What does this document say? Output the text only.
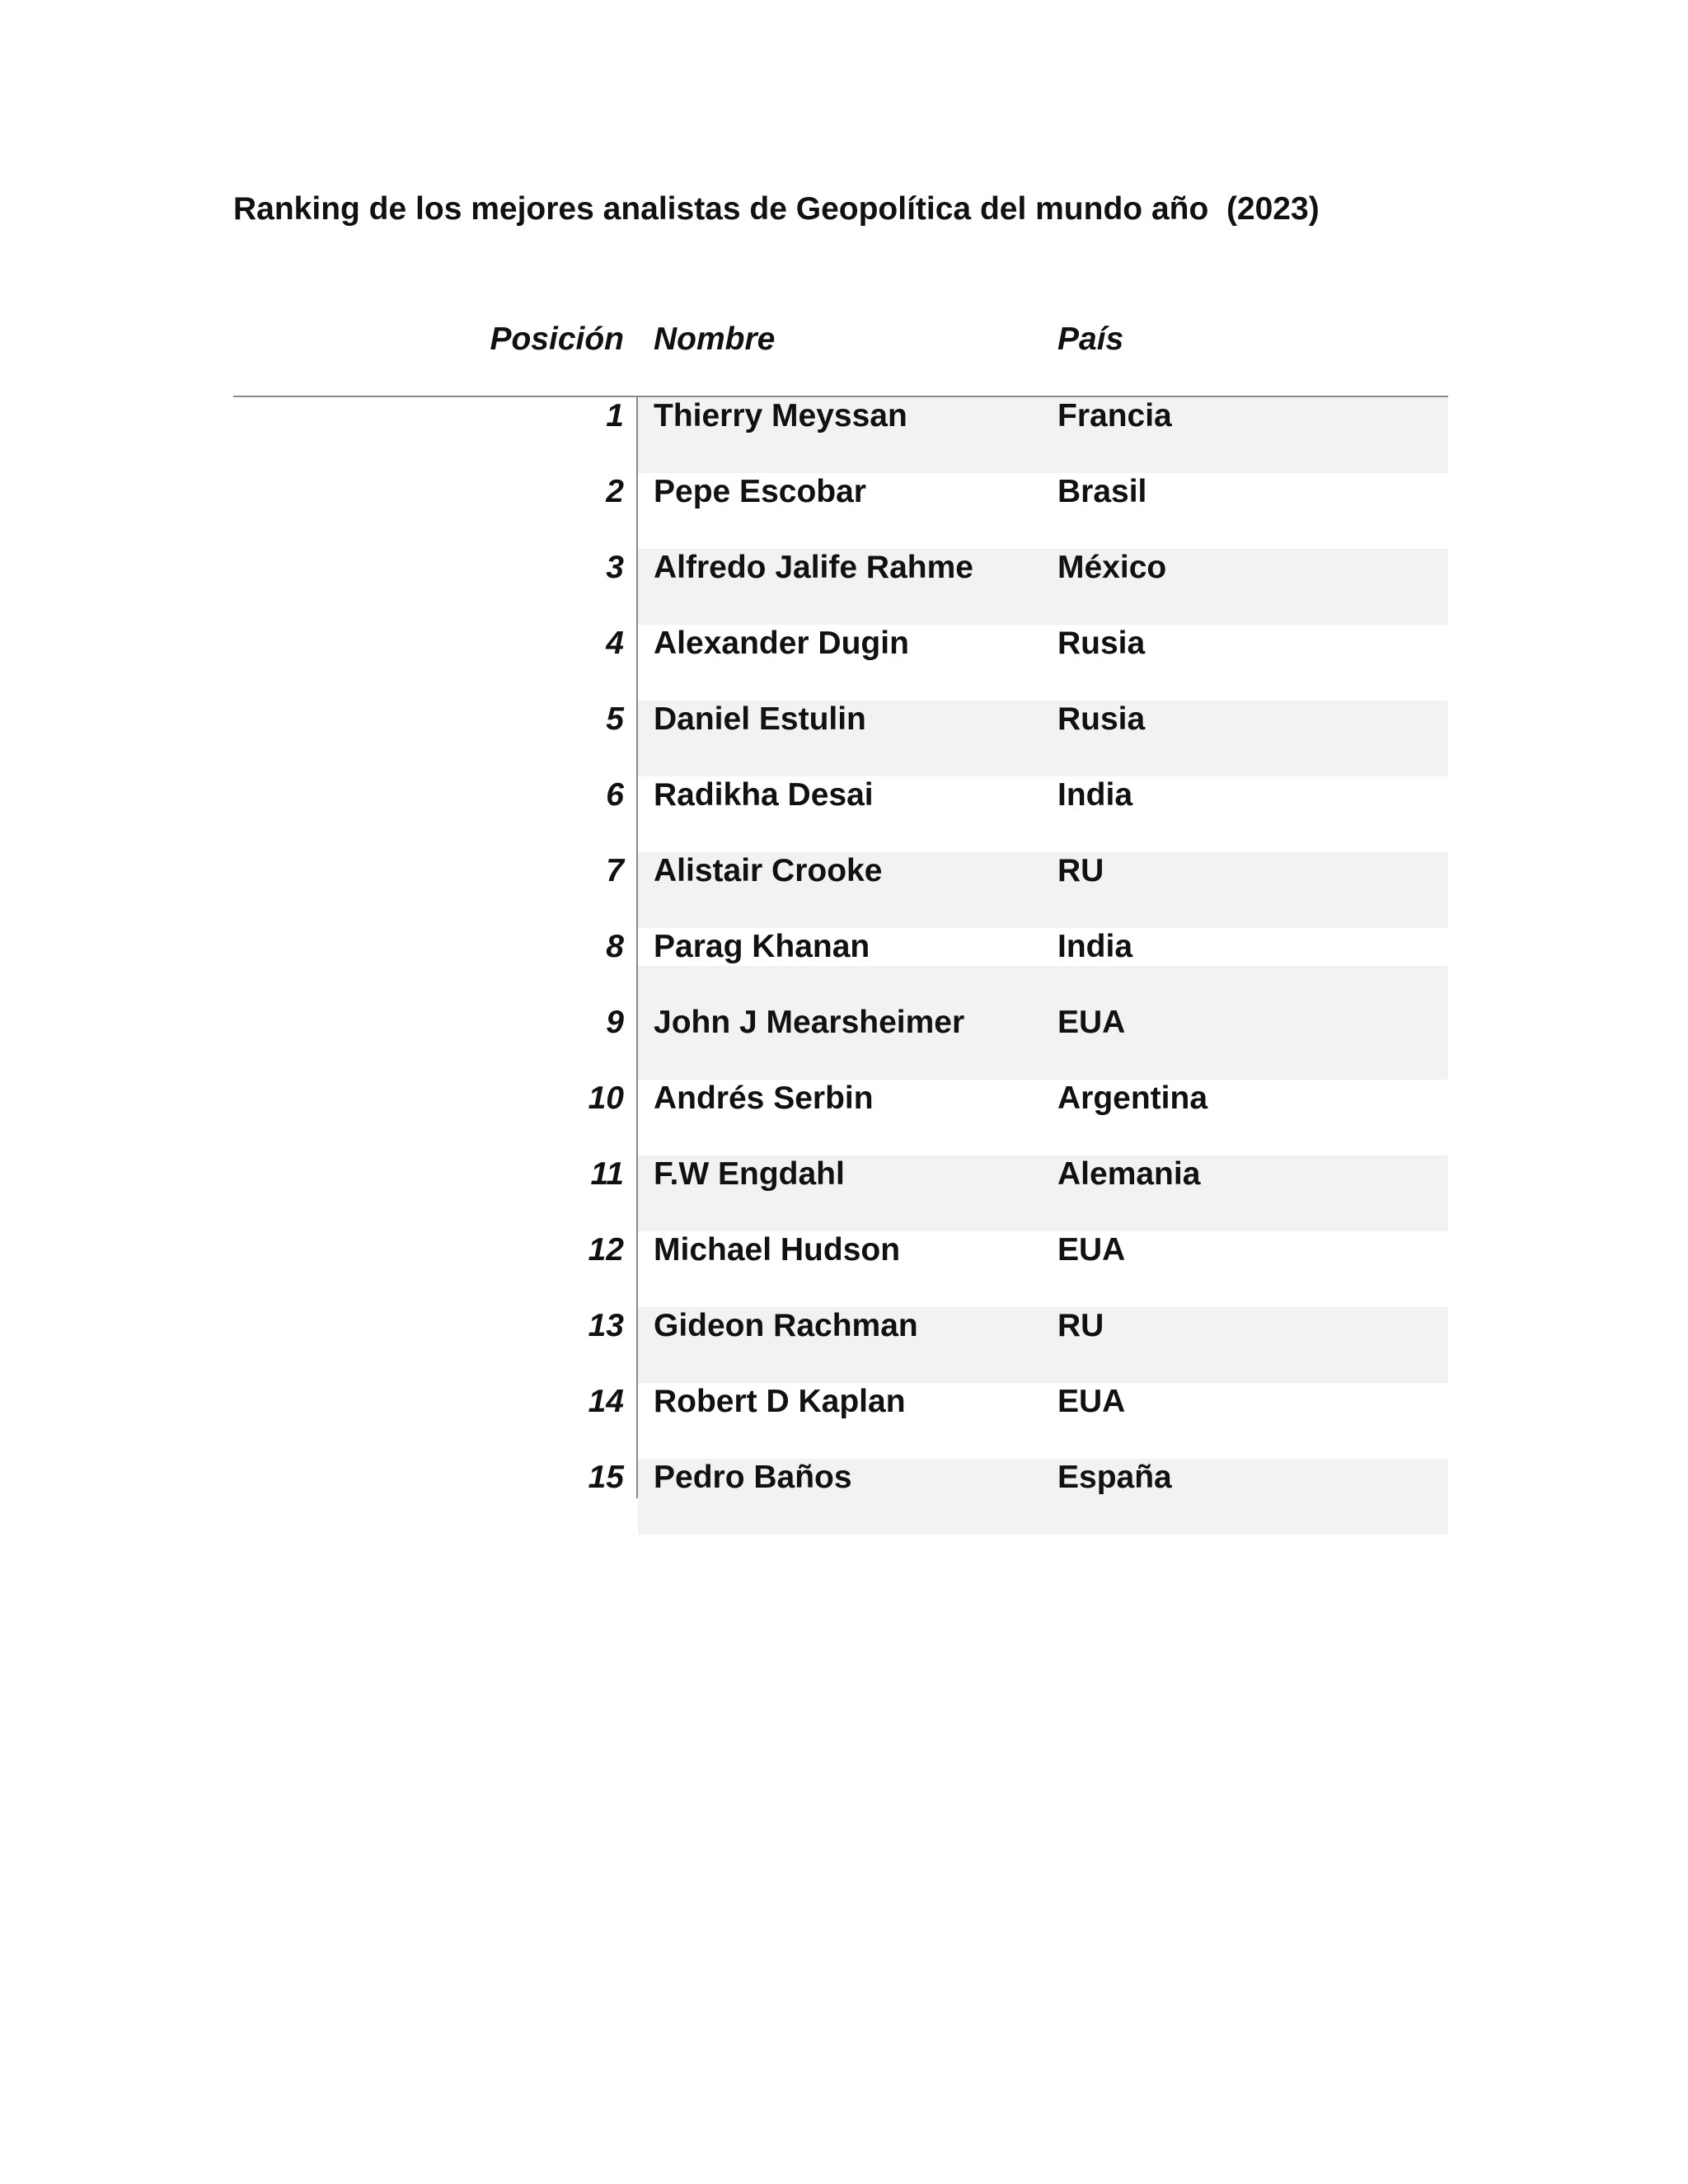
Ranking de los mejores analistas de Geopolítica del mundo año  (2023)
Posición Nombre	País
1 Thierry Meyssan	Francia
2 Pepe Escobar	Brasil
3 Alfredo Jalife Rahme	México
4 Alexander Dugin	Rusia
5 Daniel Estulin	Rusia
6 Radikha Desai	India
7 Alistair Crooke	RU
8 Parag Khanan	India
9 John J Mearsheimer	EUA
10 Andrés Serbin	Argentina
11 F.W Engdahl	Alemania
12 Michael Hudson	EUA
13 Gideon Rachman	RU
14 Robert D Kaplan	EUA
15 Pedro Baños	España
